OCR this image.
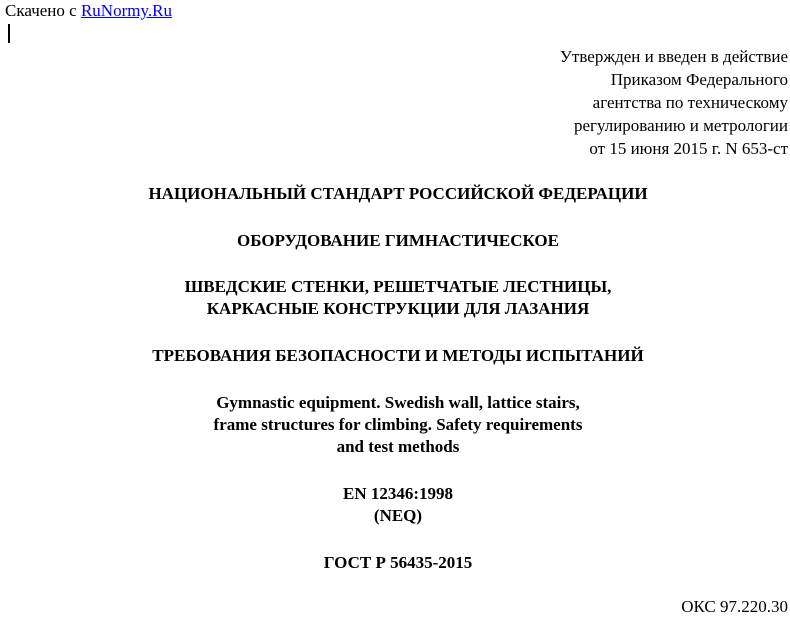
Скачено с RuNormy.Ru
Утвержден и введен в действие
Приказом Федерального
агентства по техническому
регулированию и метрологии
от 15 июня 2015 г. N 653-ст
НАЦИОНАЛЬНЫЙ СТАНДАРТ РОССИЙСКОЙ ФЕДЕРАЦИИ
ОБОРУДОВАНИЕ ГИМНАСТИЧЕСКОЕ
ШВЕДСКИЕ СТЕНКИ, РЕШЕТЧАТЫЕ ЛЕСТНИЦЫ,
КАРКАСНЫЕ КОНСТРУКЦИИ ДЛЯ ЛАЗАНИЯ
ТРЕБОВАНИЯ БЕЗОПАСНОСТИ И МЕТОДЫ ИСПЫТАНИЙ
Gymnastic equipment. Swedish wall, lattice stairs,
frame structures for climbing. Safety requirements
and test methods
EN 12346:1998
(NEQ)
ГОСТ Р 56435-2015
ОКС 97.220.30
